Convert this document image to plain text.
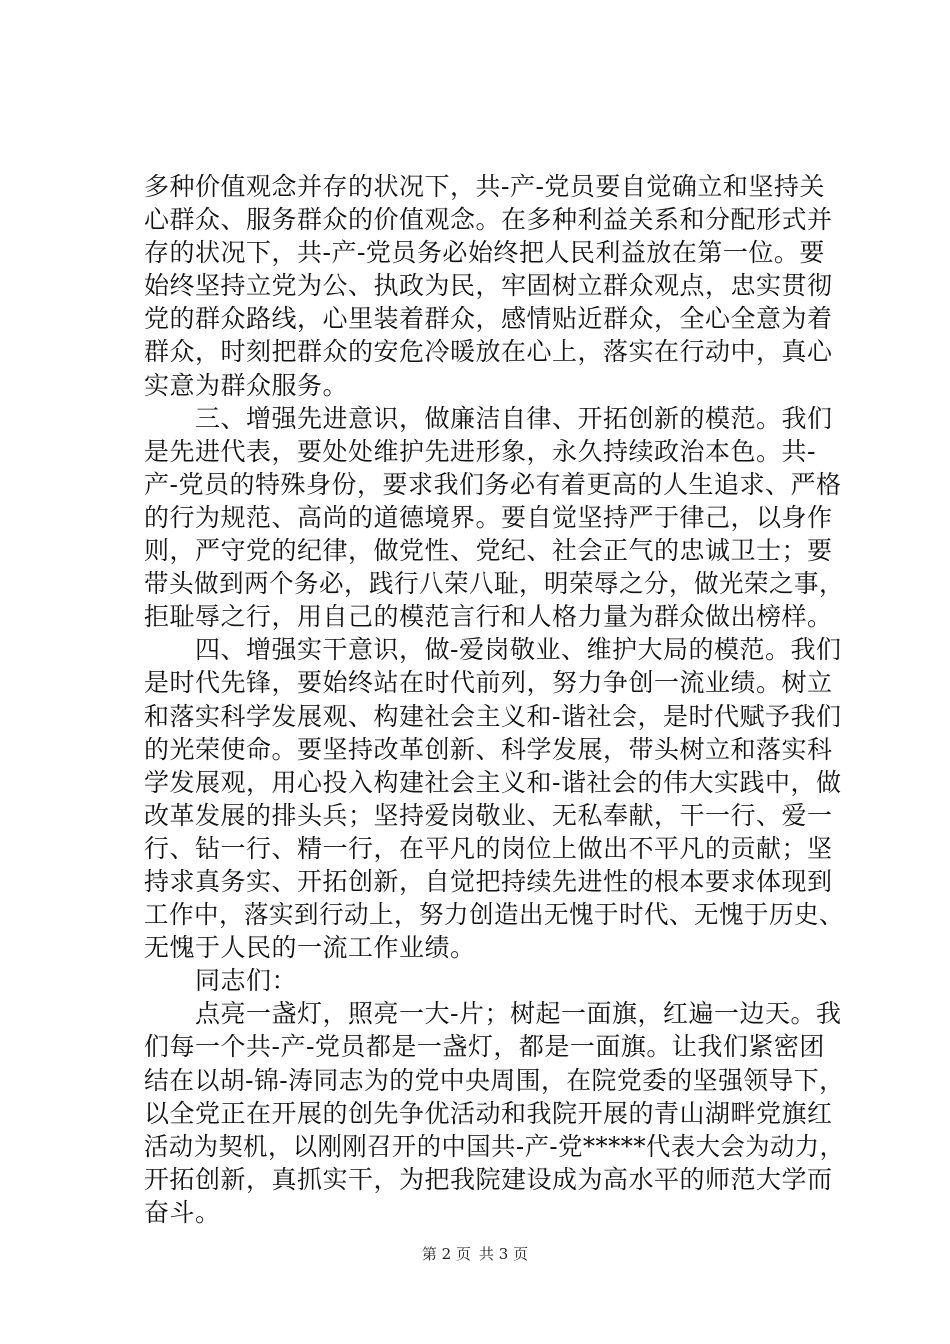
多种价值观念并存的状况下，共-产-党员要自觉确立和坚持关
心群众、服务群众的价值观念。在多种利益关系和分配形式并
存的状况下，共-产-党员务必始终把人民利益放在第一位。要
始终坚持立党为公、执政为民，牢固树立群众观点，忠实贯彻
党的群众路线，心里装着群众，感情贴近群众，全心全意为着
群众，时刻把群众的安危冷暖放在心上，落实在行动中，真心
实意为群众服务。
　　三、增强先进意识，做廉洁自律、开拓创新的模范。我们
是先进代表，要处处维护先进形象，永久持续政治本色。共-
产-党员的特殊身份，要求我们务必有着更高的人生追求、严格
的行为规范、高尚的道德境界。要自觉坚持严于律己，以身作
则，严守党的纪律，做党性、党纪、社会正气的忠诚卫士；要
带头做到两个务必，践行八荣八耻，明荣辱之分，做光荣之事，
拒耻辱之行，用自己的模范言行和人格力量为群众做出榜样。
　　四、增强实干意识，做-爱岗敬业、维护大局的模范。我们
是时代先锋，要始终站在时代前列，努力争创一流业绩。树立
和落实科学发展观、构建社会主义和-谐社会，是时代赋予我们
的光荣使命。要坚持改革创新、科学发展，带头树立和落实科
学发展观，用心投入构建社会主义和-谐社会的伟大实践中，做
改革发展的排头兵；坚持爱岗敬业、无私奉献，干一行、爱一
行、钻一行、精一行，在平凡的岗位上做出不平凡的贡献；坚
持求真务实、开拓创新，自觉把持续先进性的根本要求体现到
工作中，落实到行动上，努力创造出无愧于时代、无愧于历史、
无愧于人民的一流工作业绩。
　　同志们：
　　点亮一盏灯，照亮一大-片；树起一面旗，红遍一边天。我
们每一个共-产-党员都是一盏灯，都是一面旗。让我们紧密团
结在以胡-锦-涛同志为的党中央周围，在院党委的坚强领导下，
以全党正在开展的创先争优活动和我院开展的青山湖畔党旗红
活动为契机，以刚刚召开的中国共-产-党*****代表大会为动力，
开拓创新，真抓实干，为把我院建设成为高水平的师范大学而
奋斗。
第 2 页 共 3 页
